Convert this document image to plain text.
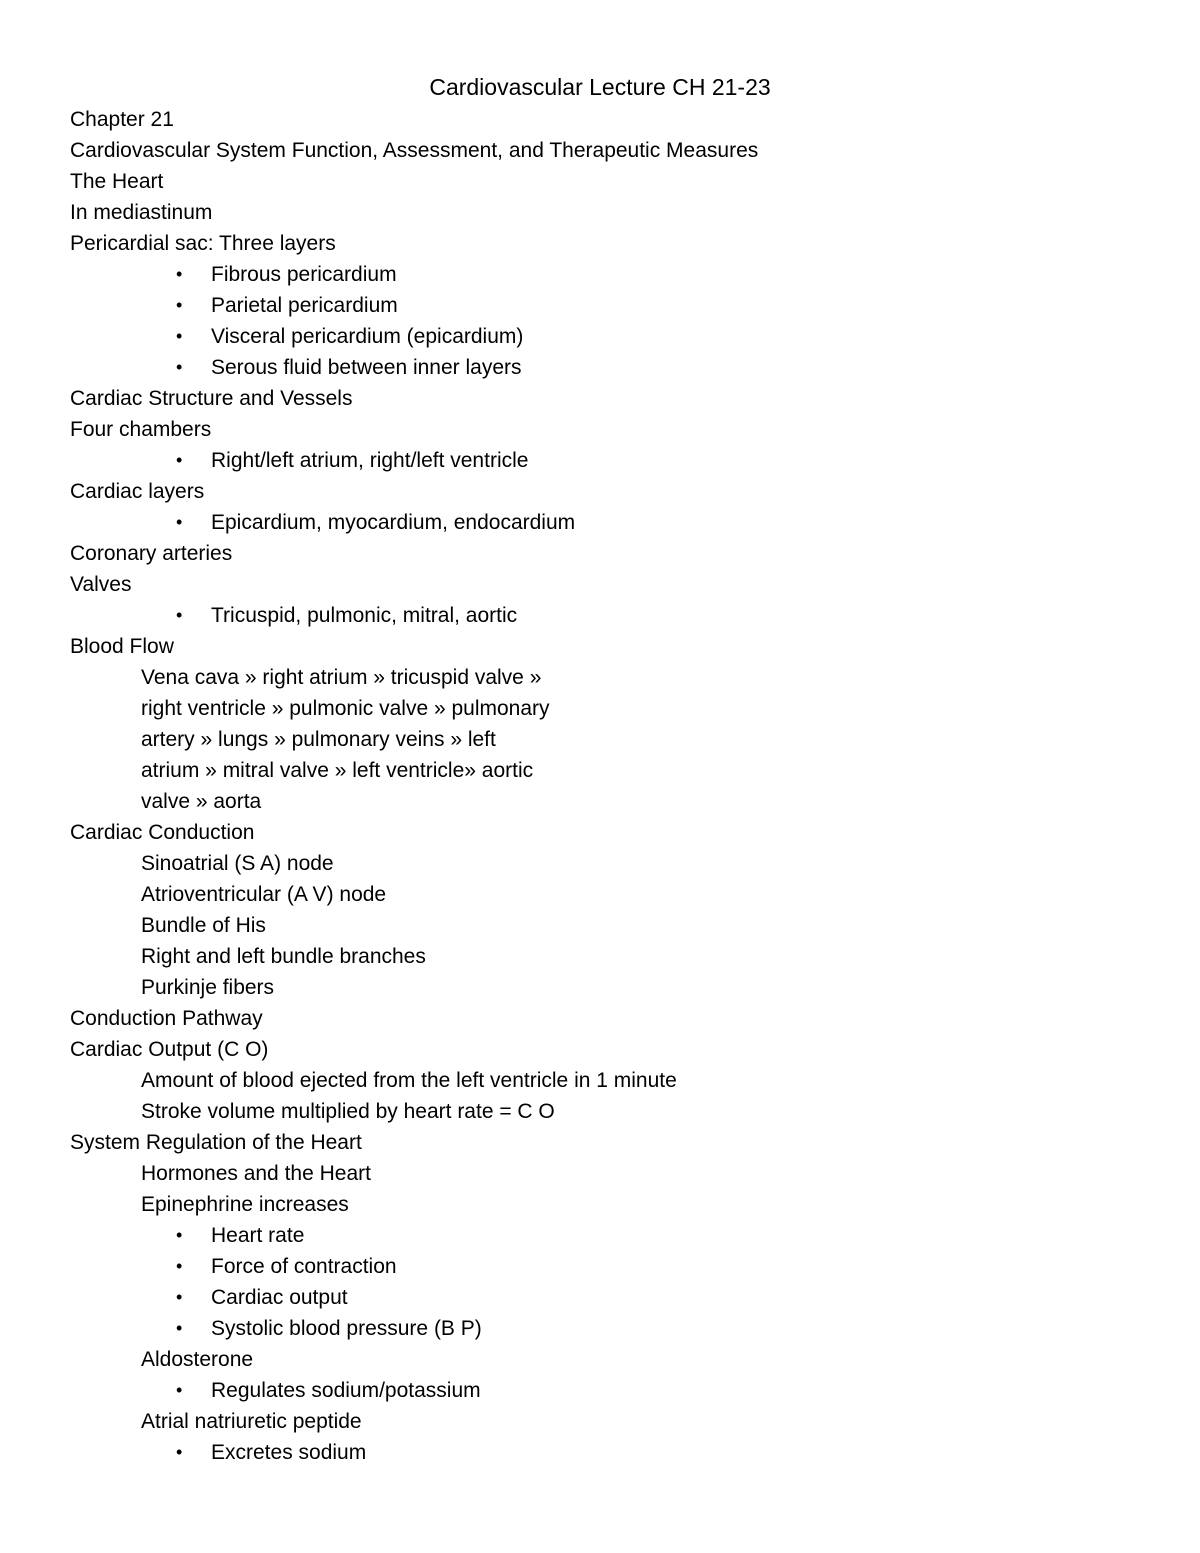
Cardiovascular Lecture CH 21-23
Chapter 21
Cardiovascular System Function, Assessment, and Therapeutic Measures
The Heart
In mediastinum
Pericardial sac: Three layers
• Fibrous pericardium
• Parietal pericardium
• Visceral pericardium (epicardium)
• Serous fluid between inner layers
Cardiac Structure and Vessels
Four chambers
• Right/left atrium, right/left ventricle
Cardiac layers
• Epicardium, myocardium, endocardium
Coronary arteries
Valves
• Tricuspid, pulmonic, mitral, aortic
Blood Flow
Vena cava » right atrium » tricuspid valve »
right ventricle » pulmonic valve » pulmonary
artery » lungs » pulmonary veins » left
atrium » mitral valve » left ventricle» aortic
valve » aorta
Cardiac Conduction
Sinoatrial (S A) node
Atrioventricular (A V) node
Bundle of His
Right and left bundle branches
Purkinje fibers
Conduction Pathway
Cardiac Output (C O)
Amount of blood ejected from the left ventricle in 1 minute
Stroke volume multiplied by heart rate = C O
System Regulation of the Heart
Hormones and the Heart
Epinephrine increases
• Heart rate
• Force of contraction
• Cardiac output
• Systolic blood pressure (B P)
Aldosterone
• Regulates sodium/potassium
Atrial natriuretic peptide
• Excretes sodium
